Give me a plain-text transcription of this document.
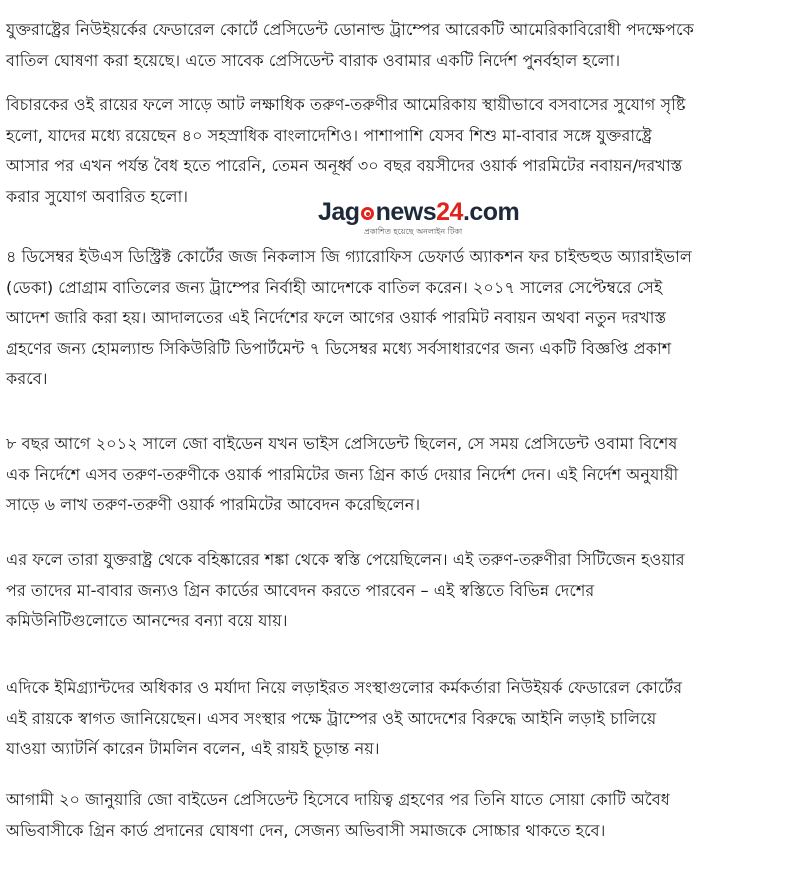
যুক্তরাষ্ট্রের নিউইয়র্কের ফেডারেল কোর্টে প্রেসিডেন্ট ডোনাল্ড ট্রাম্পের আরেকটি আমেরিকাবিরোধী পদক্ষেপকে
বাতিল ঘোষণা করা হয়েছে। এতে সাবেক প্রেসিডেন্ট বারাক ওবামার একটি নির্দেশ পুনর্বহাল হলো।

বিচারকের ওই রায়ের ফলে সাড়ে আট লক্ষাধিক তরুণ-তরুণীর আমেরিকায় স্থায়ীভাবে বসবাসের সুযোগ সৃষ্টি
হলো, যাদের মধ্যে রয়েছেন ৪০ সহস্রাধিক বাংলাদেশিও। পাশাপাশি যেসব শিশু মা-বাবার সঙ্গে যুক্তরাষ্ট্রে
আসার পর এখন পর্যন্ত বৈধ হতে পারেনি, তেমন অনূর্ধ্ব ৩০ বছর বয়সীদের ওয়ার্ক পারমিটের নবায়ন/দরখাস্ত
করার সুযোগ অবারিত হলো।

Jag news24.com
প্রকাশিত হয়েছে অনলাইন টিকা

৪ ডিসেম্বর ইউএস ডিস্ট্রিক্ট কোর্টের জজ নিকলাস জি গ্যারোফিস ডেফার্ড অ্যাকশন ফর চাইল্ডহুড অ্যারাইভাল
(ডেকা) প্রোগ্রাম বাতিলের জন্য ট্রাম্পের নির্বাহী আদেশকে বাতিল করেন। ২০১৭ সালের সেপ্টেম্বরে সেই
আদেশ জারি করা হয়। আদালতের এই নির্দেশের ফলে আগের ওয়ার্ক পারমিট নবায়ন অথবা নতুন দরখাস্ত
গ্রহণের জন্য হোমল্যান্ড সিকিউরিটি ডিপার্টমেন্ট ৭ ডিসেম্বর মধ্যে সর্বসাধারণের জন্য একটি বিজ্ঞপ্তি প্রকাশ
করবে।

৮ বছর আগে ২০১২ সালে জো বাইডেন যখন ভাইস প্রেসিডেন্ট ছিলেন, সে সময় প্রেসিডেন্ট ওবামা বিশেষ
এক নির্দেশে এসব তরুণ-তরুণীকে ওয়ার্ক পারমিটের জন্য গ্রিন কার্ড দেয়ার নির্দেশ দেন। এই নির্দেশ অনুযায়ী
সাড়ে ৬ লাখ তরুণ-তরুণী ওয়ার্ক পারমিটের আবেদন করেছিলেন।

এর ফলে তারা যুক্তরাষ্ট্র থেকে বহিষ্কারের শঙ্কা থেকে স্বস্তি পেয়েছিলেন। এই তরুণ-তরুণীরা সিটিজেন হওয়ার
পর তাদের মা-বাবার জন্যও গ্রিন কার্ডের আবেদন করতে পারবেন – এই স্বস্তিতে বিভিন্ন দেশের
কমিউনিটিগুলোতে আনন্দের বন্যা বয়ে যায়।

এদিকে ইমিগ্র্যান্টদের অধিকার ও মর্যাদা নিয়ে লড়াইরত সংস্থাগুলোর কর্মকর্তারা নিউইয়র্ক ফেডারেল কোর্টের
এই রায়কে স্বাগত জানিয়েছেন। এসব সংস্থার পক্ষে ট্রাম্পের ওই আদেশের বিরুদ্ধে আইনি লড়াই চালিয়ে
যাওয়া অ্যাটর্নি কারেন টামলিন বলেন, এই রায়ই চূড়ান্ত নয়।

আগামী ২০ জানুয়ারি জো বাইডেন প্রেসিডেন্ট হিসেবে দায়িত্ব গ্রহণের পর তিনি যাতে সোয়া কোটি অবৈধ
অভিবাসীকে গ্রিন কার্ড প্রদানের ঘোষণা দেন, সেজন্য অভিবাসী সমাজকে সোচ্চার থাকতে হবে।
